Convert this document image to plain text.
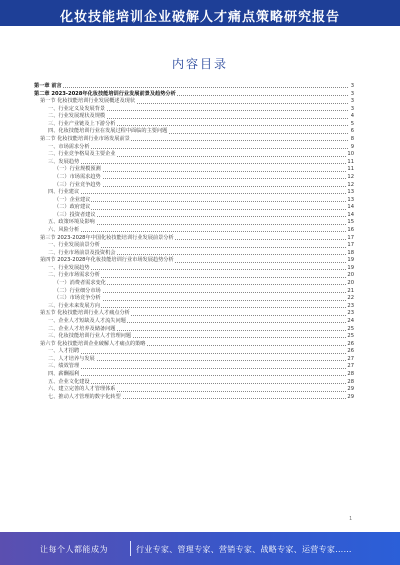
化妆技能培训企业破解人才痛点策略研究报告
内容目录
第一章 前言	3
第二章 2023-2028年化妆技能培训行业发展前景及趋势分析	3
第一节 化妆技能培训行业发展概述及现状	3
一、行业定义及发展背景	3
二、行业发展现状及规模	4
三、行业产业链及上下游分析	5
四、化妆技能培训行业在发展过程中面临的主要问题	6
第二节 化妆技能培训行业市场发展前景	8
一、市场需求分析	9
二、行业竞争格局及主要企业	10
三、发展趋势	11
（一）行业规模预测	11
（二）市场需求趋势	12
（三）行业竞争趋势	12
四、行业建议	13
（一）企业建议	13
（二）政府建议	14
（三）投资者建议	14
五、政策环境及影响	15
六、风险分析	16
第三节 2023-2028年中国化妆技能培训行业发展前景分析	17
一、行业发展前景分析	17
二、行业市场前景及投资机会	18
第四节 2023-2028年化妆技能培训行业市场发展趋势分析	19
一、行业发展趋势	19
二、行业市场需求分析	20
（一）消费者需求变化	20
（二）行业细分市场	21
（三）市场竞争分析	22
三、行业未来发展方向	23
第五节 化妆技能培训行业人才痛点分析	23
一、企业人才短缺及人才流失问题	24
二、企业人才培养及储备问题	25
三、化妆技能培训行业人才管理问题	25
第六节 化妆技能培训企业破解人才痛点的策略	26
一、人才招聘	26
二、人才培养与发展	27
三、绩效管理	27
四、薪酬福利	28
五、企业文化建设	28
六、建立完善的人才管理体系	29
七、推动人才管理的数字化转型	29
1
让每个人都能成为	行业专家、管理专家、营销专家、战略专家、运营专家……
